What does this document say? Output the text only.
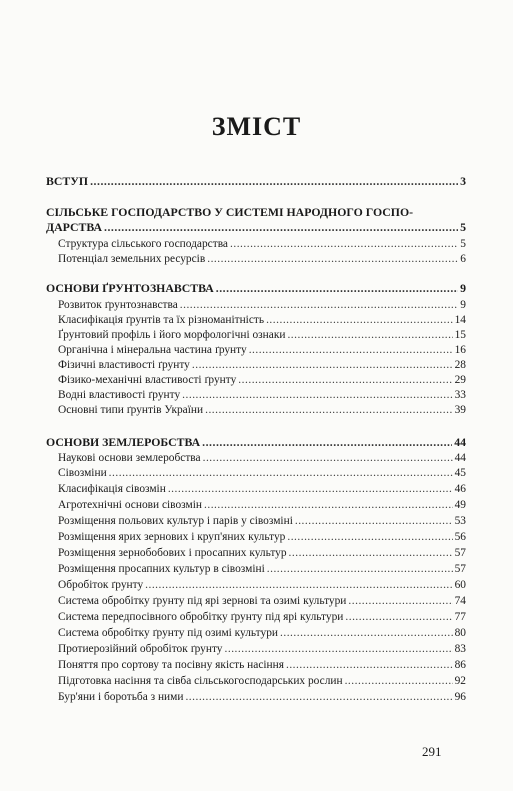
ЗМІСТ
ВСТУП .....	3
СІЛЬСЬКЕ ГОСПОДАРСТВО У СИСТЕМІ НАРОДНОГО ГОСПО-
ДАРСТВА .....	5
Структура сільського господарства .....	5
Потенціал земельних ресурсів .....	6
ОСНОВИ ҐРУНТОЗНАВСТВА .....	9
Розвиток ґрунтознавства .....	9
Класифікація ґрунтів та їх різноманітність .....	14
Ґрунтовий профіль і його морфологічні ознаки .....	15
Органічна і мінеральна частина ґрунту .....	16
Фізичні властивості ґрунту .....	28
Фізико-механічні властивості ґрунту .....	29
Водні властивості ґрунту .....	33
Основні типи ґрунтів України .....	39
ОСНОВИ ЗЕМЛЕРОБСТВА .....	44
Наукові основи землеробства .....	44
Сівозміни .....	45
Класифікація сівозмін .....	46
Агротехнічні основи сівозмін .....	49
Розміщення польових культур і парів у сівозміні .....	53
Розміщення ярих зернових і круп'яних культур .....	56
Розміщення зернобобових і просапних культур .....	57
Розміщення просапних культур в сівозміні .....	57
Обробіток ґрунту .....	60
Система обробітку ґрунту під ярі зернові та озимі культури .....	74
Система передпосівного обробітку ґрунту під ярі культури .....	77
Система обробітку ґрунту під озимі культури .....	80
Протиерозійний обробіток ґрунту .....	83
Поняття про сортову та посівну якість насіння .....	86
Підготовка насіння та сівба сільськогосподарських рослин .....	92
Бур'яни і боротьба з ними .....	96

291
